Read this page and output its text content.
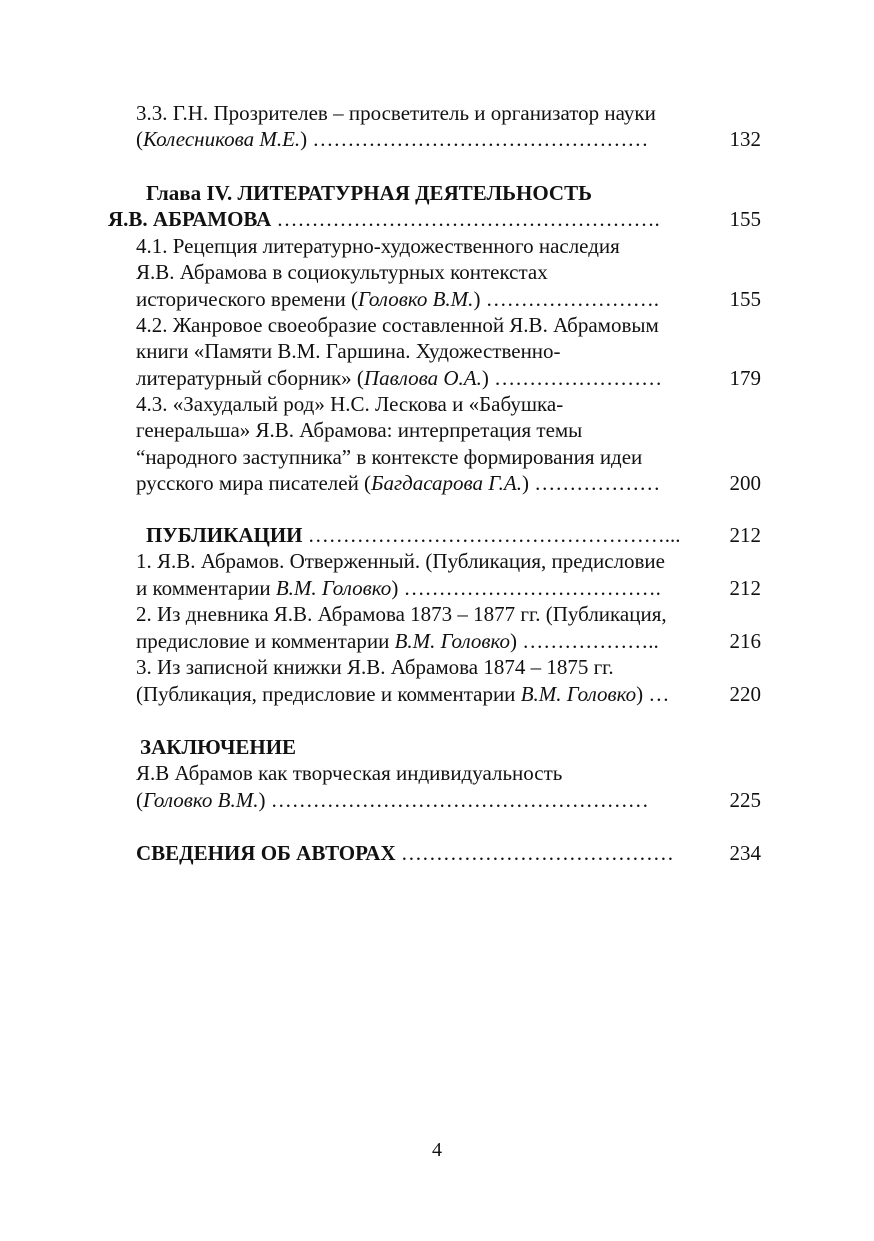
3.3. Г.Н. Прозрителев – просветитель и организатор науки
(Колесникова М.Е.) …………………………………………	132
Глава IV. ЛИТЕРАТУРНАЯ ДЕЯТЕЛЬНОСТЬ
Я.В. АБРАМОВА ……………………………………………….	155
4.1. Рецепция литературно-художественного наследия
Я.В. Абрамова в социокультурных контекстах
исторического времени (Головко В.М.) …………………….	155
4.2. Жанровое своеобразие составленной Я.В. Абрамовым
книги «Памяти В.М. Гаршина. Художественно-
литературный сборник» (Павлова О.А.) ……………………	179
4.3. «Захудалый род» Н.С. Лескова и «Бабушка-
генеральша» Я.В. Абрамова: интерпретация темы
“народного заступника” в контексте формирования идеи
русского мира писателей (Багдасарова Г.А.) ………………	200
ПУБЛИКАЦИИ ……………………………………………... 212
1. Я.В. Абрамов. Отверженный. (Публикация, предисловие
и комментарии В.М. Головко) ……………………………….	212
2. Из дневника Я.В. Абрамова 1873 – 1877 гг. (Публикация,
предисловие и комментарии В.М. Головко) ………………..	216
3. Из записной книжки Я.В. Абрамова 1874 – 1875 гг.
(Публикация, предисловие и комментарии В.М. Головко) …	220
ЗАКЛЮЧЕНИЕ
Я.В Абрамов как творческая индивидуальность
(Головко В.М.) ………………………………………………	225
СВЕДЕНИЯ ОБ АВТОРАХ …………………………………	234
4
